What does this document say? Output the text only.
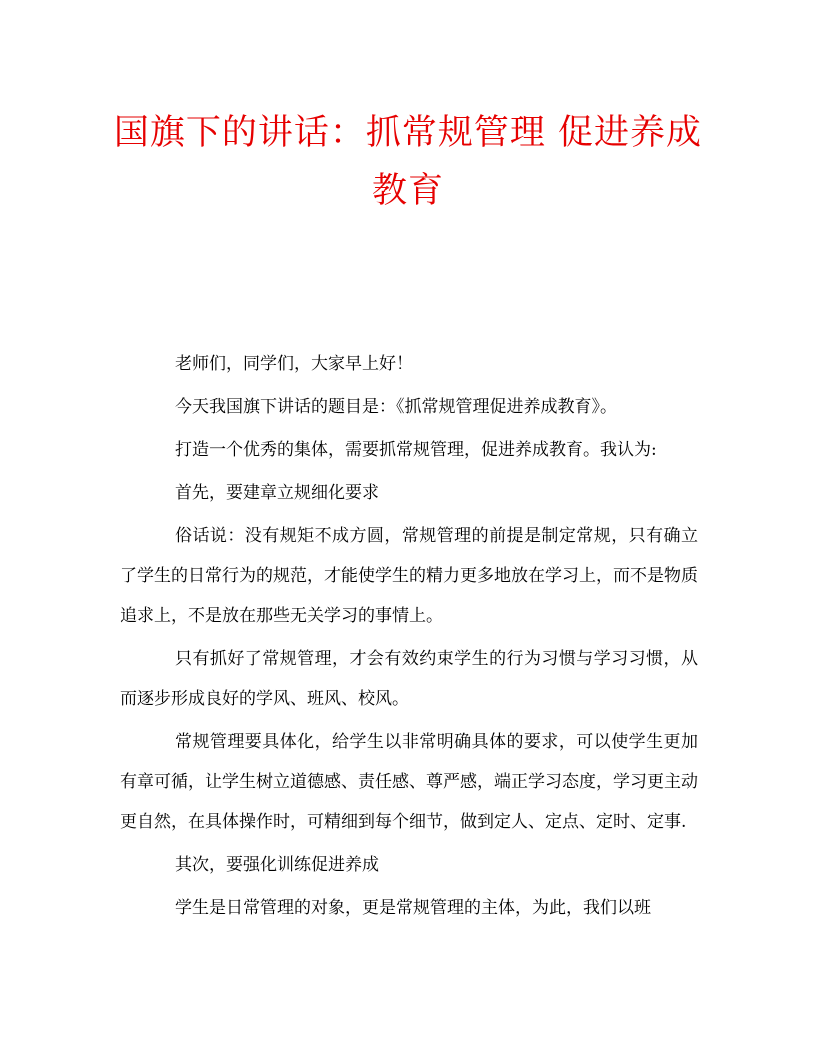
国旗下的讲话：抓常规管理 促进养成
教育

老师们，同学们，大家早上好！

今天我国旗下讲话的题目是：《抓常规管理促进养成教育》。

打造一个优秀的集体，需要抓常规管理，促进养成教育。我认为:

首先，要建章立规细化要求

俗话说：没有规矩不成方圆，常规管理的前提是制定常规，只有确立了学生的日常行为的规范，才能使学生的精力更多地放在学习上，而不是物质追求上，不是放在那些无关学习的事情上。

只有抓好了常规管理，才会有效约束学生的行为习惯与学习习惯，从而逐步形成良好的学风、班风、校风。

常规管理要具体化，给学生以非常明确具体的要求，可以使学生更加有章可循，让学生树立道德感、责任感、尊严感，端正学习态度，学习更主动更自然，在具体操作时，可精细到每个细节，做到定人、定点、定时、定事.

其次，要强化训练促进养成

学生是日常管理的对象，更是常规管理的主体，为此，我们以班
